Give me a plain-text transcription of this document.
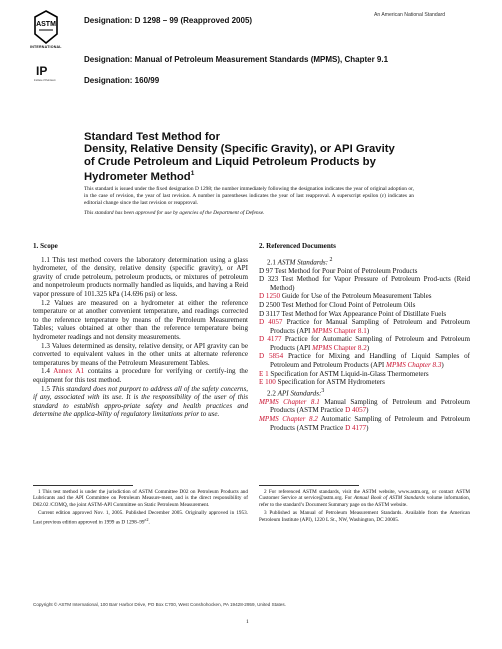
ASTM
INTERNATIONAL
IP
Institute of Petroleum
Designation: D 1298 – 99 (Reapproved 2005)
An American National Standard
Designation: Manual of Petroleum Measurement Standards (MPMS), Chapter 9.1
Designation: 160/99
Standard Test Method for
Density, Relative Density (Specific Gravity), or API Gravity
of Crude Petroleum and Liquid Petroleum Products by
Hydrometer Method$^1$
This standard is issued under the fixed designation D 1298; the number immediately following the designation indicates the year of original adoption or, in the case of revision, the year of last revision. A number in parentheses indicates the year of last reapproval. A superscript epsilon (ε) indicates an editorial change since the last revision or reapproval.
This standard has been approved for use by agencies of the Department of Defense.
1. Scope

1.1 This test method covers the laboratory determination using a glass hydrometer, of the density, relative density (specific gravity), or API gravity of crude petroleum, petroleum products, or mixtures of petroleum and nonpetroleum products normally handled as liquids, and having a Reid vapor pressure of 101.325 kPa (14.696 psi) or less.

1.2 Values are measured on a hydrometer at either the reference temperature or at another convenient temperature, and readings corrected to the reference temperature by means of the Petroleum Measurement Tables; values obtained at other than the reference temperature being hydrometer readings and not density measurements.

1.3 Values determined as density, relative density, or API gravity can be converted to equivalent values in the other units at alternate reference temperatures by means of the Petroleum Measurement Tables.

1.4 Annex A1 contains a procedure for verifying or certify-ing the equipment for this test method.

1.5 This standard does not purport to address all of the safety concerns, if any, associated with its use. It is the responsibility of the user of this standard to establish appro-priate safety and health practices and determine the applica-bility of regulatory limitations prior to use.

2. Referenced Documents
2.1 ASTM Standards: $^2$
D 97 Test Method for Pour Point of Petroleum Products
D 323 Test Method for Vapor Pressure of Petroleum Prod-ucts (Reid Method)
D 1250 Guide for Use of the Petroleum Measurement Tables
D 2500 Test Method for Cloud Point of Petroleum Oils
D 3117 Test Method for Wax Appearance Point of Distillate Fuels
D 4057 Practice for Manual Sampling of Petroleum and Petroleum Products (API MPMS Chapter 8.1)
D 4177 Practice for Automatic Sampling of Petroleum and Petroleum Products (API MPMS Chapter 8.2)
D 5854 Practice for Mixing and Handling of Liquid Samples of Petroleum and Petroleum Products (API MPMS Chapter 8.3)
E 1 Specification for ASTM Liquid-in-Glass Thermometers
E 100 Specification for ASTM Hydrometers
2.2 API Standards:$^3$
MPMS Chapter 8.1 Manual Sampling of Petroleum and Petroleum Products (ASTM Practice D 4057)
MPMS Chapter 8.2 Automatic Sampling of Petroleum and Petroleum Products (ASTM Practice D 4177)

1 This test method is under the jurisdiction of ASTM Committee D02 on Petroleum Products and Lubricants and the API Committee on Petroleum Measure-ment, and is the direct responsibility of D02.02 /COMQ, the joint ASTM-API Committee on Static Petroleum Measurement.

Current edition approved Nov. 1, 2005. Published December 2005. Originally approved in 1953. Last previous edition approved in 1999 as D $1298-99^{\varepsilon 2}$.

2 For referenced ASTM standards, visit the ASTM website, www.astm.org, or contact ASTM Customer Service at service@astm.org. For Annual Book of ASTM Standards volume information, refer to the standard’s Document Summary page on the ASTM website.

3 Published as Manual of Petroleum Measurement Standards. Available from the American Petroleum Institute (API), 1220 L St., NW, Washington, DC 20005.

Copyright © ASTM International, 100 Barr Harbor Drive, PO Box C700, West Conshohocken, PA 19428-2959, United States.
1
